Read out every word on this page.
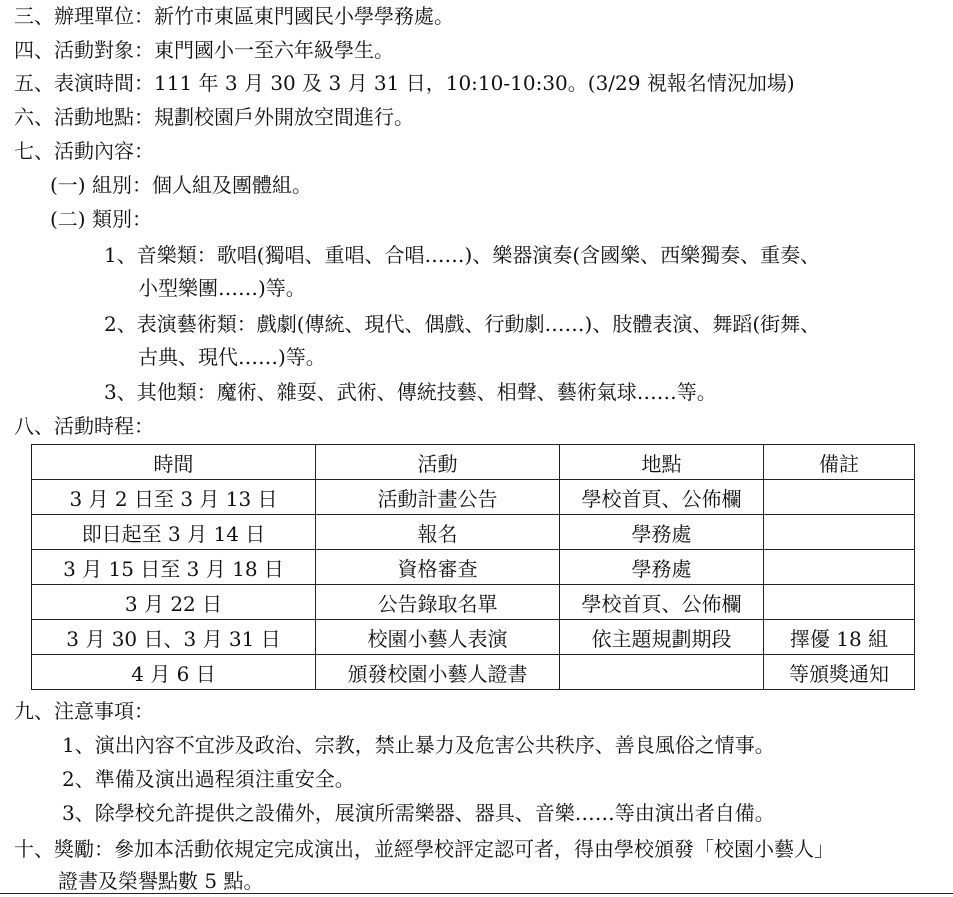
三、辦理單位：新竹市東區東門國民小學學務處。
四、活動對象：東門國小一至六年級學生。
五、表演時間：111 年 3 月 30 及 3 月 31 日，10:10-10:30。(3/29 視報名情況加場)
六、活動地點：規劃校園戶外開放空間進行。
七、活動內容：
(一) 組別：個人組及團體組。
(二) 類別：
1、音樂類：歌唱(獨唱、重唱、合唱……)、樂器演奏(含國樂、西樂獨奏、重奏、
小型樂團……)等。
2、表演藝術類：戲劇(傳統、現代、偶戲、行動劇……)、肢體表演、舞蹈(街舞、
古典、現代……)等。
3、其他類：魔術、雜耍、武術、傳統技藝、相聲、藝術氣球……等。
八、活動時程：
時間	活動	地點	備註
3 月 2 日至 3 月 13 日	活動計畫公告	學校首頁、公佈欄	
即日起至 3 月 14 日	報名	學務處	
3 月 15 日至 3 月 18 日	資格審查	學務處	
3 月 22 日	公告錄取名單	學校首頁、公佈欄	
3 月 30 日、3 月 31 日	校園小藝人表演	依主題規劃期段	擇優 18 組
4 月 6 日	頒發校園小藝人證書		等頒獎通知
九、注意事項：
1、演出內容不宜涉及政治、宗教，禁止暴力及危害公共秩序、善良風俗之情事。
2、準備及演出過程須注重安全。
3、除學校允許提供之設備外，展演所需樂器、器具、音樂……等由演出者自備。
十、獎勵：參加本活動依規定完成演出，並經學校評定認可者，得由學校頒發「校園小藝人」
證書及榮譽點數 5 點。
